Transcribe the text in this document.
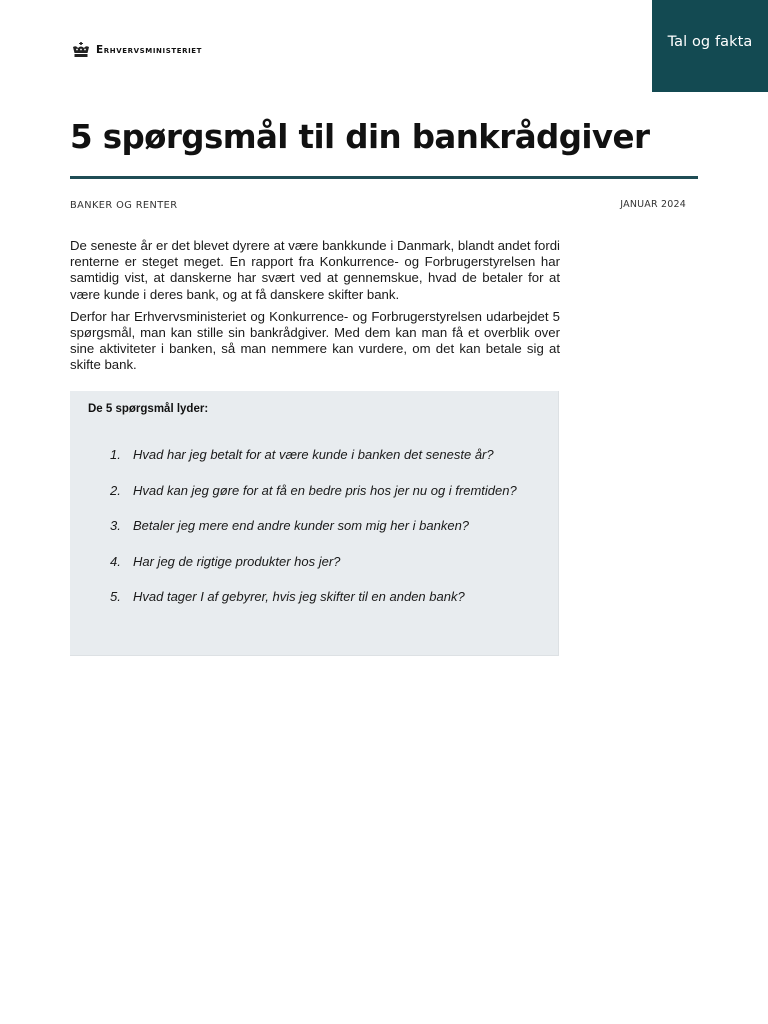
Tal og fakta
Erhvervsministeriet
5 spørgsmål til din bankrådgiver
BANKER OG RENTER	JANUAR 2024

De seneste år er det blevet dyrere at være bankkunde i Danmark, blandt andet fordi renterne er steget meget. En rapport fra Konkurrence- og Forbrugerstyrelsen har samtidig vist, at danskerne har svært ved at gennemskue, hvad de betaler for at være kunde i deres bank, og at få danskere skifter bank.

Derfor har Erhvervsministeriet og Konkurrence- og Forbrugerstyrelsen udarbejdet 5 spørgsmål, man kan stille sin bankrådgiver. Med dem kan man få et overblik over sine aktiviteter i banken, så man nemmere kan vurdere, om det kan betale sig at skifte bank.

De 5 spørgsmål lyder:
1. Hvad har jeg betalt for at være kunde i banken det seneste år?
2. Hvad kan jeg gøre for at få en bedre pris hos jer nu og i fremtiden?
3. Betaler jeg mere end andre kunder som mig her i banken?
4. Har jeg de rigtige produkter hos jer?
5. Hvad tager I af gebyrer, hvis jeg skifter til en anden bank?
